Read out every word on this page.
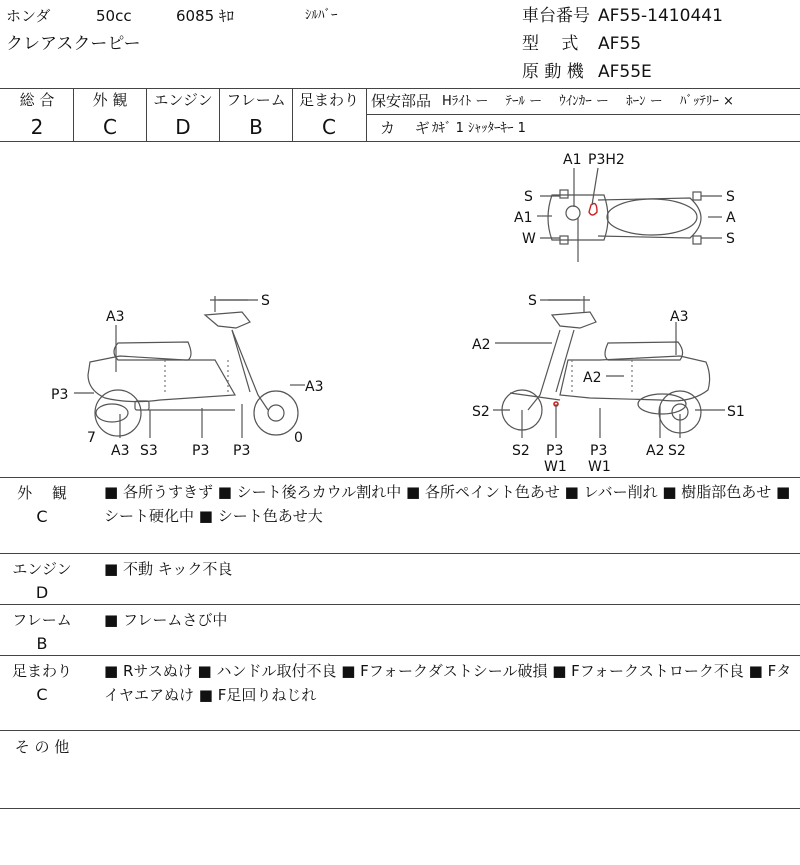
ホンダ	50cc	6085 ｷﾛ	ｼﾙﾊﾞｰ
クレアスクーピー
車台番号 AF55-1410441
型　 式 AF55
原 動 機 AF55E
総 合	外 観	エンジン フレーム 足まわり
2	C	D	B	C
保安部品 Hﾗｲﾄ ー　 ﾃｰﾙ ー　 ｳｲﾝｶｰ ー　 ﾎｰﾝ ー　 ﾊﾞｯﾃﾘｰ ×
カ　 ギ ｶｷﾞ 1 ｼｬｯﾀｰｷｰ 1
A1 P3H2
S
A1
W
S
A
S
S
A3
P3	A3
7
A3 S3 P3 P3
0
S
A3
A2
A2
S2	S1
S2 P3
W1
P3
W1
A2 S2
外　 観
C
■ 各所うすきず ■ シート後ろカウル割れ中 ■ 各所ペイント色あせ ■ レバー削れ ■ 樹脂部色あせ ■ シート硬化中 ■ シート色あせ大
エンジン
D
■ 不動 キック不良
フレーム
B
■ フレームさび中
足まわり
C
■ Rサスぬけ ■ ハンドル取付不良 ■ Fフォークダストシール破損 ■ Fフォークストローク不良 ■ Fタイヤエアぬけ ■ F足回りねじれ
そ の 他
